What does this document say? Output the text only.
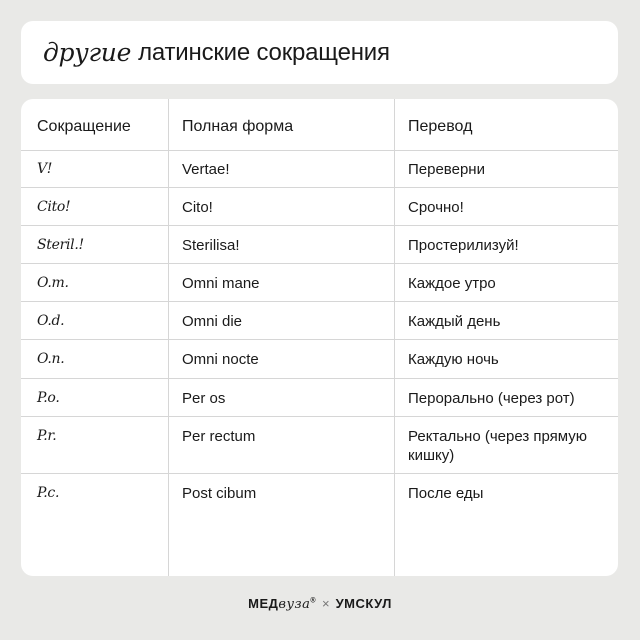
другие латинские сокращения
Сокращение	Полная форма	Перевод
V!	Vertae!	Переверни
Cito!	Cito!	Срочно!
Steril.!	Sterilisa!	Простерилизуй!
O.m.	Omni mane	Каждое утро
O.d.	Omni die	Каждый день
O.n.	Omni nocte	Каждую ночь
P.o.	Per os	Перорально (через рот)
P.r.	Per rectum	Ректально (через прямую кишку)
P.c.	Post cibum	После еды
МЕДвуза® × УМСКУЛ
